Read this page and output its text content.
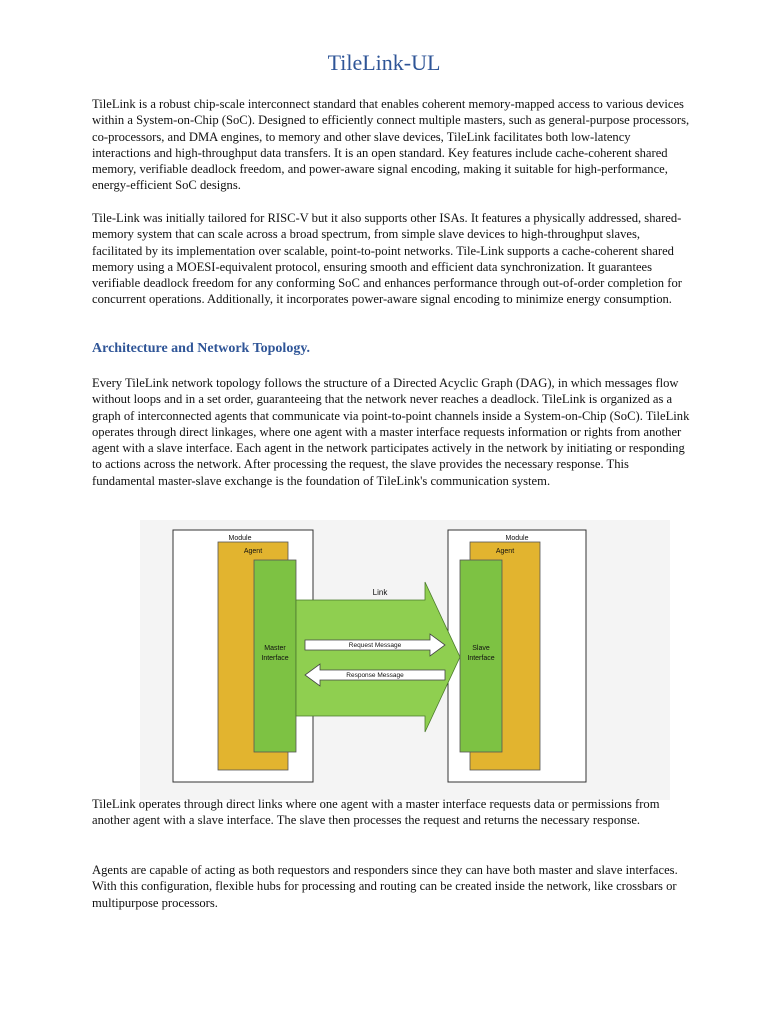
TileLink-UL

TileLink is a robust chip-scale interconnect standard that enables coherent memory-mapped access to various devices within a System-on-Chip (SoC). Designed to efficiently connect multiple masters, such as general-purpose processors, co-processors, and DMA engines, to memory and other slave devices, TileLink facilitates both low-latency interactions and high-throughput data transfers. It is an open standard. Key features include cache-coherent shared memory, verifiable deadlock freedom, and power-aware signal encoding, making it suitable for high-performance, energy-efficient SoC designs.

Tile-Link was initially tailored for RISC-V but it also supports other ISAs. It features a physically addressed, shared-memory system that can scale across a broad spectrum, from simple slave devices to high-throughput slaves, facilitated by its implementation over scalable, point-to-point networks. Tile-Link supports a cache-coherent shared memory using a MOESI-equivalent protocol, ensuring smooth and efficient data synchronization. It guarantees verifiable deadlock freedom for any conforming SoC and enhances performance through out-of-order completion for concurrent operations. Additionally, it incorporates power-aware signal encoding to minimize energy consumption.

Architecture and Network Topology.

Every TileLink network topology follows the structure of a Directed Acyclic Graph (DAG), in which messages flow without loops and in a set order, guaranteeing that the network never reaches a deadlock. TileLink is organized as a graph of interconnected agents that communicate via point-to-point channels inside a System-on-Chip (SoC). TileLink operates through direct linkages, where one agent with a master interface requests information or rights from another agent with a slave interface. Each agent in the network participates actively in the network by initiating or responding to actions across the network. After processing the request, the slave provides the necessary response. This fundamental master-slave exchange is the foundation of TileLink's communication system.

Module
Agent
Master
Interface
Module
Agent
Slave
Interface
Link
Request Message
Response Message

TileLink operates through direct links where one agent with a master interface requests data or permissions from another agent with a slave interface. The slave then processes the request and returns the necessary response.

Agents are capable of acting as both requestors and responders since they can have both master and slave interfaces. With this configuration, flexible hubs for processing and routing can be created inside the network, like crossbars or multipurpose processors.
